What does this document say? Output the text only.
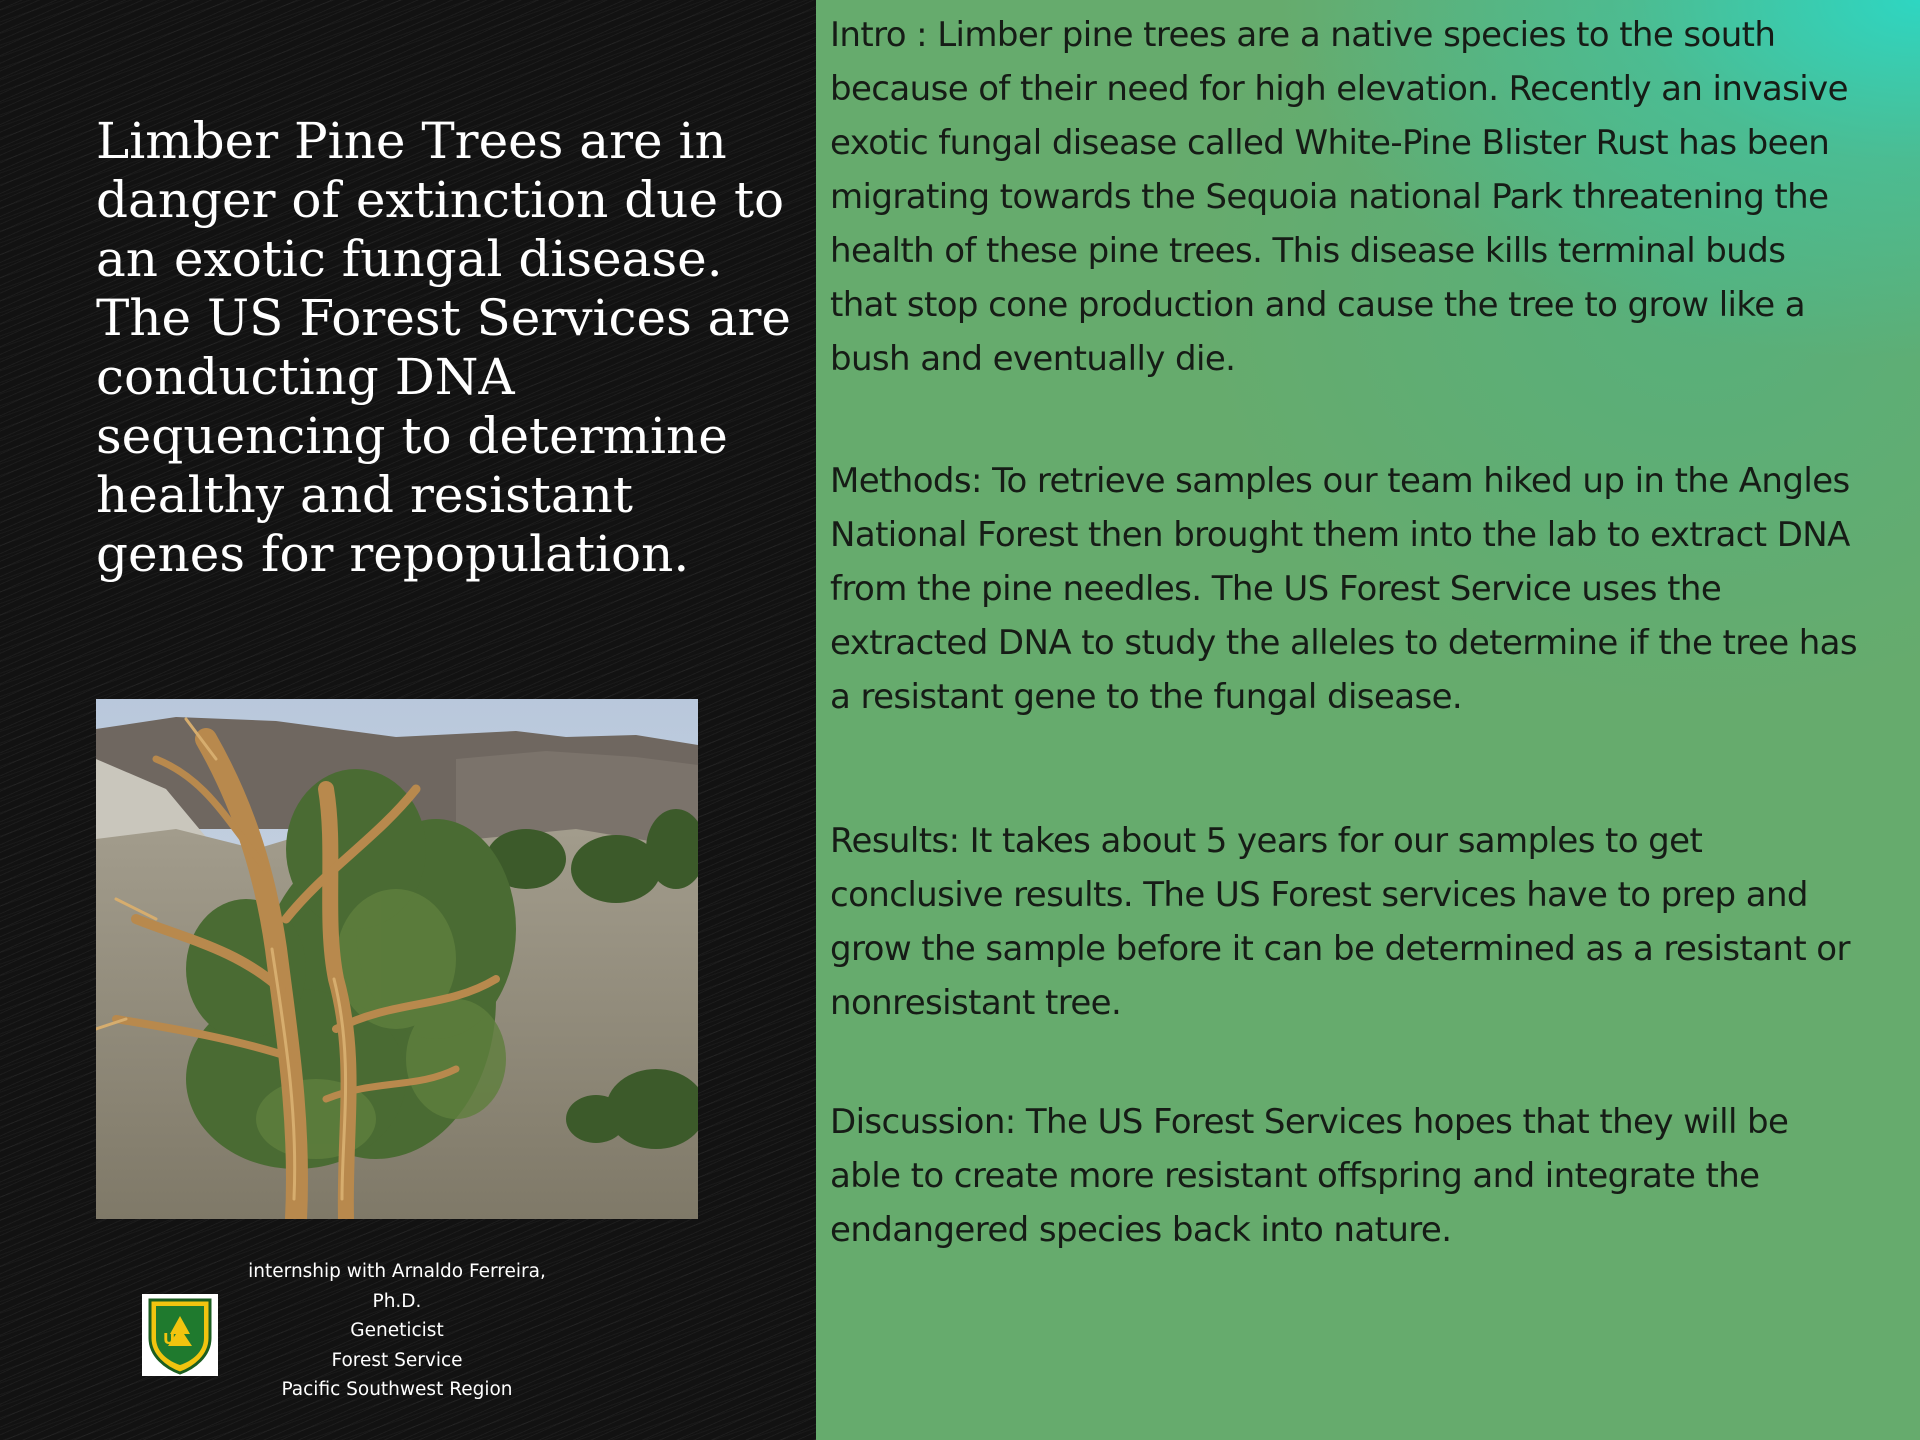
Limber Pine Trees are in danger of extinction due to an exotic fungal disease. The US Forest Services are conducting DNA sequencing to determine healthy and resistant genes for repopulation.
US
internship with Arnaldo Ferreira,
Ph.D.
Geneticist
Forest Service
Pacific Southwest Region

Intro : Limber pine trees are a native species to the south
because of their need for high elevation. Recently an invasive
exotic fungal disease called White-Pine Blister Rust has been
migrating towards the Sequoia national Park threatening the
health of these pine trees. This disease kills terminal buds
that stop cone production and cause the tree to grow like a
bush and eventually die.

Methods: To retrieve samples our team hiked up in the Angles
National Forest then brought them into the lab to extract DNA
from the pine needles. The US Forest Service uses the
extracted DNA to study the alleles to determine if the tree has
a resistant gene to the fungal disease.

Results: It takes about 5 years for our samples to get
conclusive results. The US Forest services have to prep and
grow the sample before it can be determined as a resistant or
nonresistant tree.

Discussion: The US Forest Services hopes that they will be
able to create more resistant offspring and integrate the
endangered species back into nature.
